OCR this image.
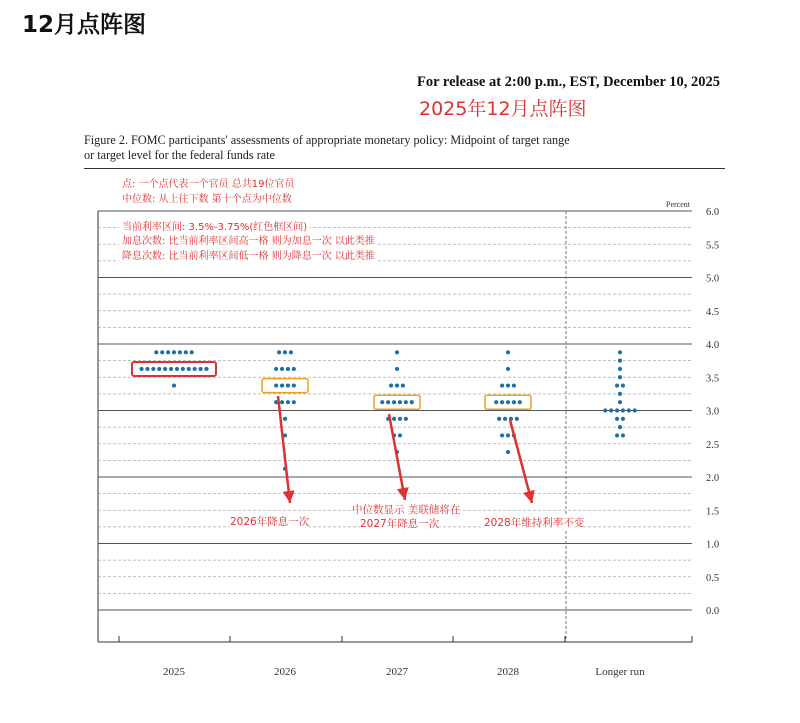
12月点阵图
For release at 2:00 p.m., EST, December 10, 2025
2025年12月点阵图
Figure 2. FOMC participants' assessments of appropriate monetary policy: Midpoint of target range
or target level for the federal funds rate
6.0
5.5
5.0
4.5
4.0
3.5
3.0
2.5
2.0
1.5
1.0
0.5
0.0
2025	2026	2027	2028	Longer run
Percent
点: 一个点代表一个官员 总共19位官员
中位数: 从上往下数 第十个点为中位数
当前利率区间: 3.5%-3.75%(红色框区间)
加息次数: 比当前利率区间高一格 则为加息一次 以此类推
降息次数: 比当前利率区间低一格 则为降息一次 以此类推
2026年降息一次
中位数显示 美联储将在
2027年降息一次	2028年维持利率不变
